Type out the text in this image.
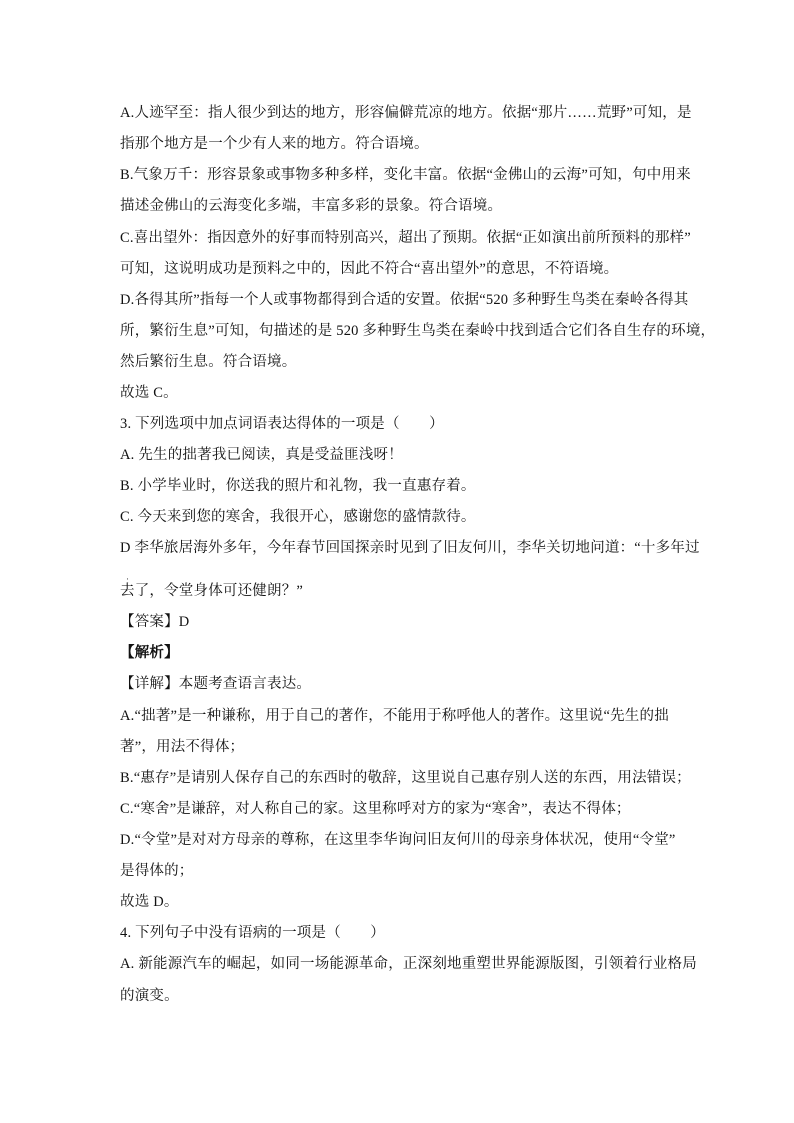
A.人迹罕至：指人很少到达的地方，形容偏僻荒凉的地方。依据“那片……荒野”可知，是
指那个地方是一个少有人来的地方。符合语境。
B.气象万千：形容景象或事物多种多样，变化丰富。依据“金佛山的云海”可知，句中用来
描述金佛山的云海变化多端，丰富多彩的景象。符合语境。
C.喜出望外：指因意外的好事而特别高兴，超出了预期。依据“正如演出前所预料的那样”
可知，这说明成功是预料之中的，因此不符合“喜出望外”的意思，不符语境。
D.各得其所”指每一个人或事物都得到合适的安置。依据“520 多种野生鸟类在秦岭各得其
所，繁衍生息”可知，句描述的是 520 多种野生鸟类在秦岭中找到适合它们各自生存的环境，
然后繁衍生息。符合语境。
故选 C。
3. 下列选项中加点词语表达得体的一项是（　　）
A. 先生的拙著我已阅读，真是受益匪浅呀！
B. 小学毕业时，你送我的照片和礼物，我一直惠存着。
C. 今天来到您的寒舍，我很开心，感谢您的盛情款待。
D 李华旅居海外多年，今年春节回国探亲时见到了旧友何川，李华关切地问道：“十多年过
·
去了，令堂身体可还健朗？”
【答案】D
【解析】
【详解】本题考查语言表达。
A.“拙著”是一种谦称，用于自己的著作，不能用于称呼他人的著作。这里说“先生的拙
著”，用法不得体；
B.“惠存”是请别人保存自己的东西时的敬辞，这里说自己惠存别人送的东西，用法错误；
C.“寒舍”是谦辞，对人称自己的家。这里称呼对方的家为“寒舍”，表达不得体；
D.“令堂”是对对方母亲的尊称，在这里李华询问旧友何川的母亲身体状况，使用“令堂”
是得体的；
故选 D。
4. 下列句子中没有语病的一项是（　　）
A. 新能源汽车的崛起，如同一场能源革命，正深刻地重塑世界能源版图，引领着行业格局
的演变。
